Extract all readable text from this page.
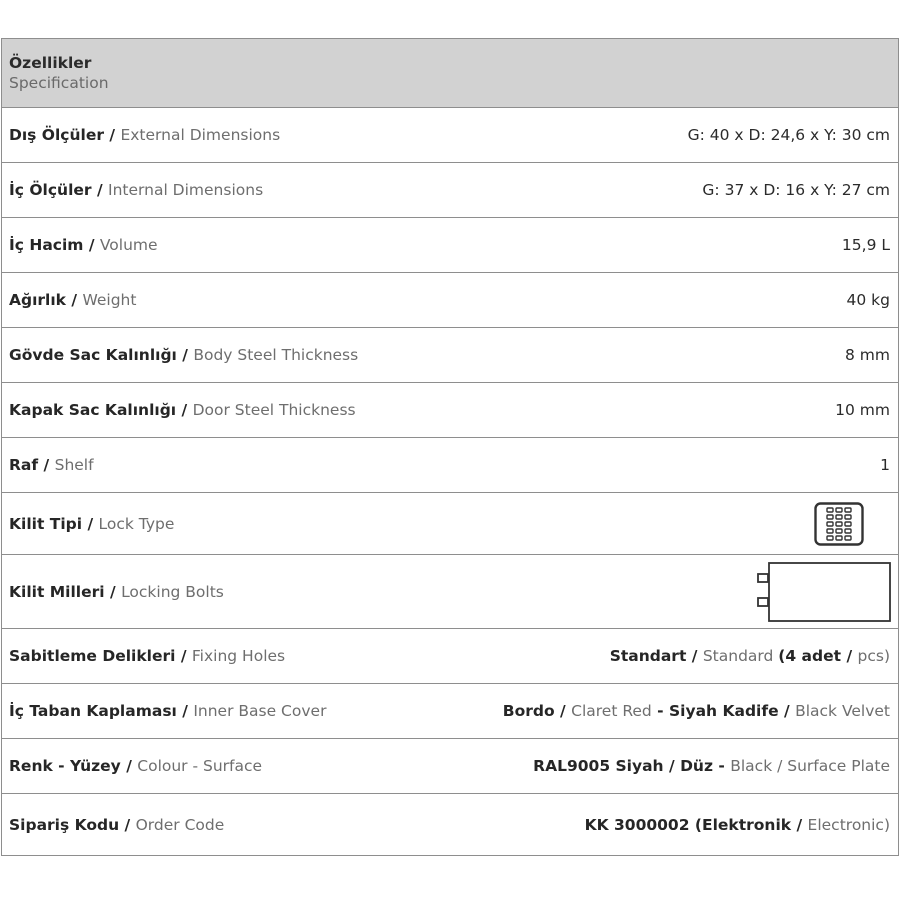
Özellikler
Specification
Dış Ölçüler / External Dimensions	G: 40 x D: 24,6 x Y: 30 cm
İç Ölçüler / Internal Dimensions	G: 37 x D: 16 x Y: 27 cm
İç Hacim / Volume	15,9 L
Ağırlık / Weight	40 kg
Gövde Sac Kalınlığı / Body Steel Thickness	8 mm
Kapak Sac Kalınlığı / Door Steel Thickness	10 mm
Raf / Shelf	1
Kilit Tipi / Lock Type
Kilit Milleri / Locking Bolts
Sabitleme Delikleri / Fixing Holes	Standart / Standard (4 adet / pcs)
İç Taban Kaplaması / Inner Base Cover	Bordo / Claret Red - Siyah Kadife / Black Velvet
Renk - Yüzey / Colour - Surface	RAL9005 Siyah / Düz - Black / Surface Plate
Sipariş Kodu / Order Code	KK 3000002 (Elektronik / Electronic)
